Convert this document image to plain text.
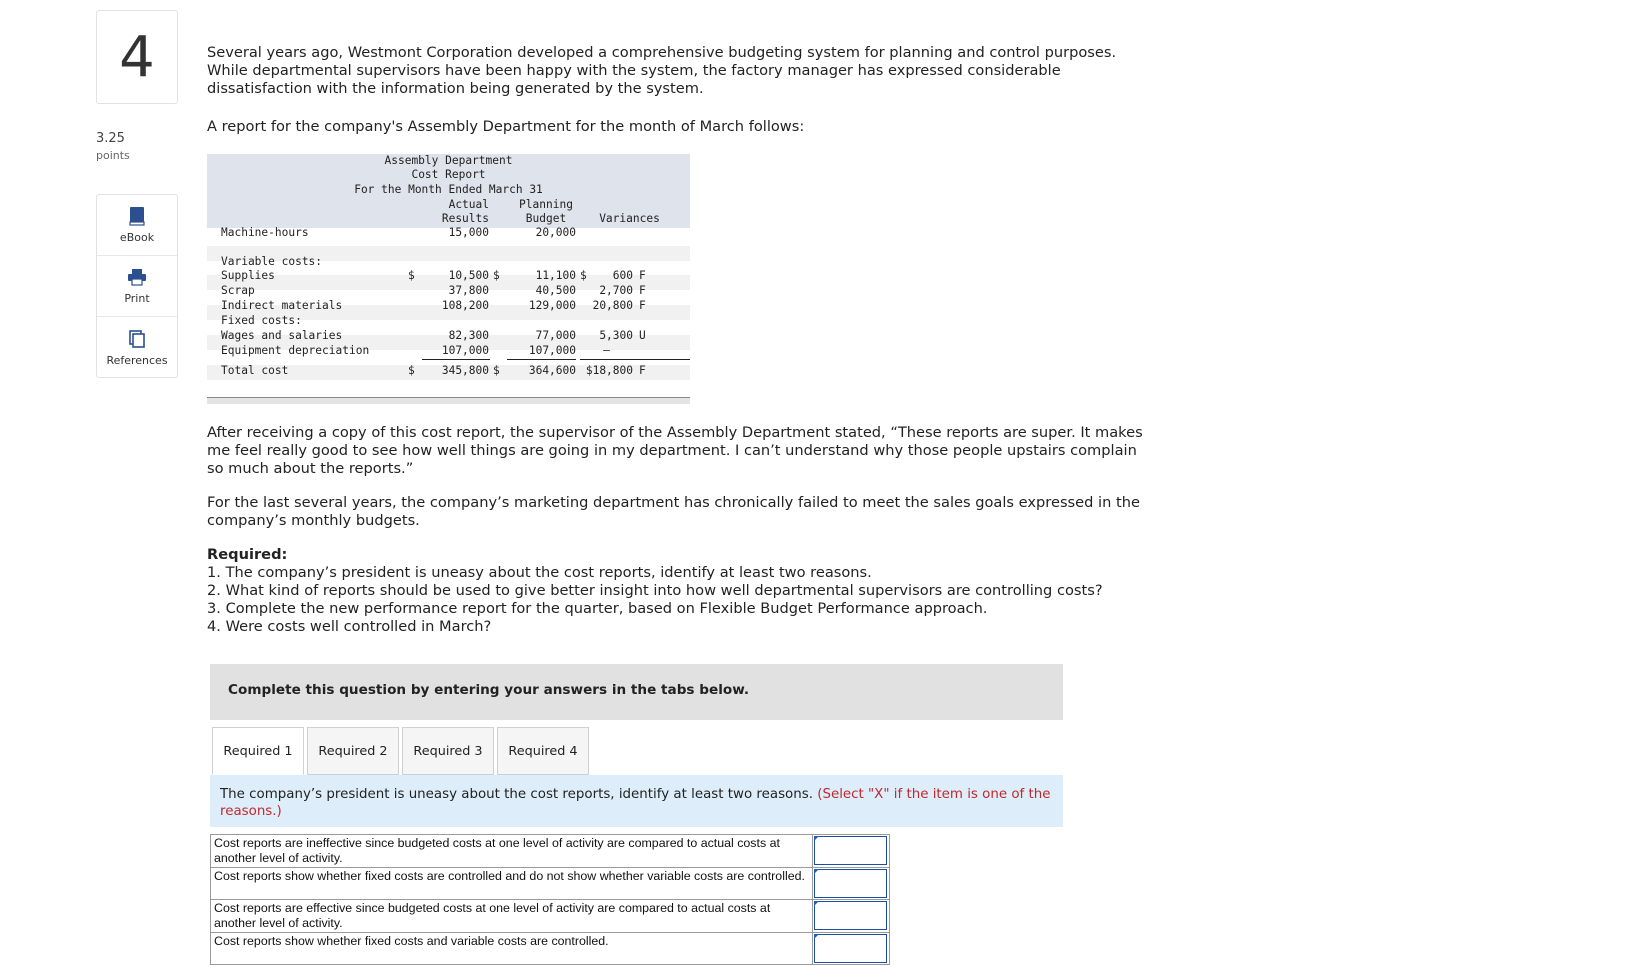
4
3.25
points
eBook
Print
References
Several years ago, Westmont Corporation developed a comprehensive budgeting system for planning and control purposes. While departmental supervisors have been happy with the system, the factory manager has expressed considerable dissatisfaction with the information being generated by the system.
A report for the company's Assembly Department for the month of March follows:
Assembly Department
Cost Report
For the Month Ended March 31
Actual
Results
Planning
Budget	Variances
Machine-hours	15,000	20,000
Variable costs:
Supplies	$	10,500 $	11,100 $	600 F
Scrap	37,800	40,500	2,700 F
Indirect materials	108,200	129,000	20,800 F
Fixed costs:
Wages and salaries	82,300	77,000	5,300 U
Equipment depreciation	107,000	107,000	–
Total cost	$	345,800 $	364,600 $18,800 F
After receiving a copy of this cost report, the supervisor of the Assembly Department stated, “These reports are super. It makes me feel really good to see how well things are going in my department. I can’t understand why those people upstairs complain so much about the reports.”
For the last several years, the company’s marketing department has chronically failed to meet the sales goals expressed in the company’s monthly budgets.
Required:
1. The company’s president is uneasy about the cost reports, identify at least two reasons.
2. What kind of reports should be used to give better insight into how well departmental supervisors are controlling costs?
3. Complete the new performance report for the quarter, based on Flexible Budget Performance approach.
4. Were costs well controlled in March?
Complete this question by entering your answers in the tabs below.
Required 1	Required 2	Required 3	Required 4
The company’s president is uneasy about the cost reports, identify at least two reasons. (Select "X" if the item is one of the reasons.)
Cost reports are ineffective since budgeted costs at one level of activity are compared to actual costs at another level of activity.	

Cost reports show whether fixed costs are controlled and do not show whether variable costs are controlled.	

Cost reports are effective since budgeted costs at one level of activity are compared to actual costs at another level of activity.	

Cost reports show whether fixed costs and variable costs are controlled.	
